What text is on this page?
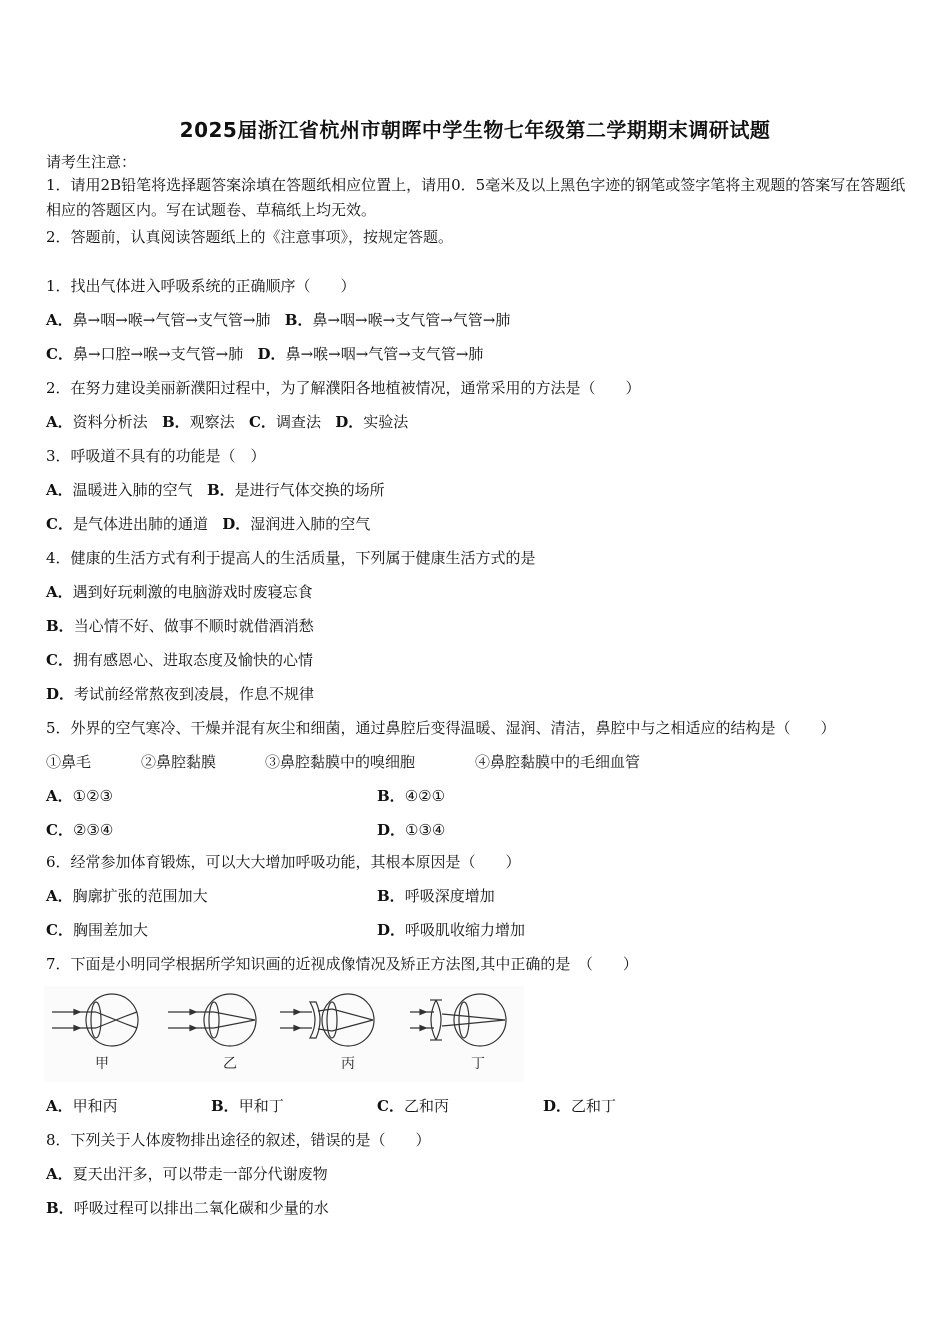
2025届浙江省杭州市朝晖中学生物七年级第二学期期末调研试题
请考生注意：
1．请用2B铅笔将选择题答案涂填在答题纸相应位置上，请用0．5毫米及以上黑色字迹的钢笔或签字笔将主观题的答案写在答题纸相应的答题区内。写在试题卷、草稿纸上均无效。
2．答题前，认真阅读答题纸上的《注意事项》，按规定答题。
1．找出气体进入呼吸系统的正确顺序（　　）
A．鼻→咽→喉→气管→支气管→肺 B．鼻→咽→喉→支气管→气管→肺
C．鼻→口腔→喉→支气管→肺 D．鼻→喉→咽→气管→支气管→肺
2．在努力建设美丽新濮阳过程中，为了解濮阳各地植被情况，通常采用的方法是（　　）
A．资料分析法 B．观察法 C．调查法 D．实验法
3．呼吸道不具有的功能是（　）
A．温暖进入肺的空气 B．是进行气体交换的场所
C．是气体进出肺的通道 D．湿润进入肺的空气
4．健康的生活方式有利于提高人的生活质量，下列属于健康生活方式的是
A．遇到好玩刺激的电脑游戏时废寝忘食
B．当心情不好、做事不顺时就借酒消愁
C．拥有感恩心、进取态度及愉快的心情
D．考试前经常熬夜到凌晨，作息不规律
5．外界的空气寒冷、干燥并混有灰尘和细菌，通过鼻腔后变得温暖、湿润、清洁，鼻腔中与之相适应的结构是（　　）
①鼻毛	②鼻腔黏膜	③鼻腔黏膜中的嗅细胞	④鼻腔黏膜中的毛细血管
A．①②③	B．④②①
C．②③④	D．①③④
6．经常参加体育锻炼，可以大大增加呼吸功能，其根本原因是（　　）
A．胸廓扩张的范围加大	B．呼吸深度增加
C．胸围差加大	D．呼吸肌收缩力增加
7．下面是小明同学根据所学知识画的近视成像情况及矫正方法图,其中正确的是　（　　）
甲	乙	丙	丁
A．甲和丙	B．甲和丁	C．乙和丙	D．乙和丁
8．下列关于人体废物排出途径的叙述，错误的是（　　）
A．夏天出汗多，可以带走一部分代谢废物
B．呼吸过程可以排出二氧化碳和少量的水
